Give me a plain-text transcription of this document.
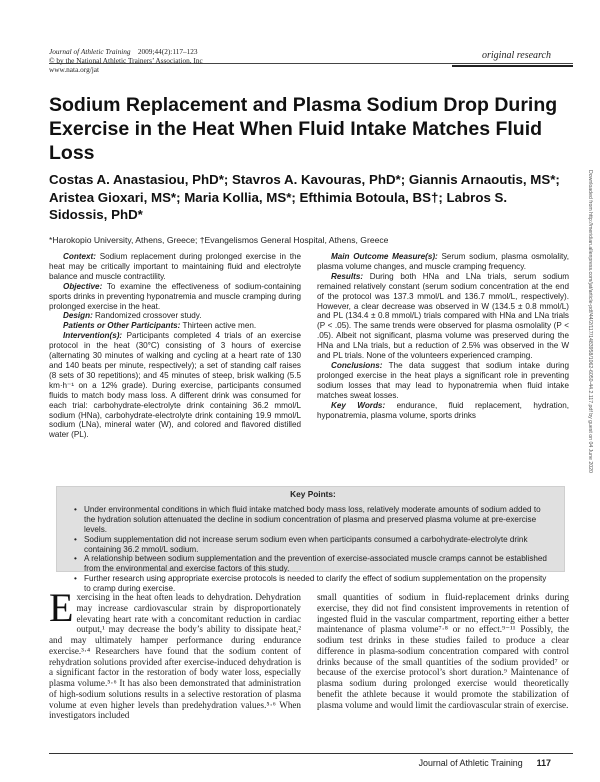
Journal of Athletic Training 2009;44(2):117–123
© by the National Athletic Trainers’ Association, Inc
www.nata.org/jat
original research
Sodium Replacement and Plasma Sodium Drop During Exercise in the Heat When Fluid Intake Matches Fluid Loss
Costas A. Anastasiou, PhD*; Stavros A. Kavouras, PhD*; Giannis Arnaoutis, MS*; Aristea Gioxari, MS*; Maria Kollia, MS*; Efthimia Botoula, BS†; Labros S. Sidossis, PhD*
*Harokopio University, Athens, Greece; †Evangelismos General Hospital, Athens, Greece

Context: Sodium replacement during prolonged exercise in the heat may be critically important to maintaining fluid and electrolyte balance and muscle contractility.

Objective: To examine the effectiveness of sodium-containing sports drinks in preventing hyponatremia and muscle cramping during prolonged exercise in the heat.

Design: Randomized crossover study.

Patients or Other Participants: Thirteen active men.

Intervention(s): Participants completed 4 trials of an exercise protocol in the heat (30°C) consisting of 3 hours of exercise (alternating 30 minutes of walking and cycling at a heart rate of 130 and 140 beats per minute, respectively); a set of standing calf raises (8 sets of 30 repetitions); and 45 minutes of steep, brisk walking (5.5 km·h⁻¹ on a 12% grade). During exercise, participants consumed fluids to match body mass loss. A different drink was consumed for each trial: carbohydrate-electrolyte drink containing 36.2 mmol/L sodium (HNa), carbohydrate-electrolyte drink containing 19.9 mmol/L sodium (LNa), mineral water (W), and colored and flavored distilled water (PL).

Main Outcome Measure(s): Serum sodium, plasma osmolality, plasma volume changes, and muscle cramping frequency.

Results: During both HNa and LNa trials, serum sodium remained relatively constant (serum sodium concentration at the end of the protocol was 137.3 mmol/L and 136.7 mmol/L, respectively). However, a clear decrease was observed in W (134.5 ± 0.8 mmol/L) and PL (134.4 ± 0.8 mmol/L) trials compared with HNa and LNa trials (P < .05). The same trends were observed for plasma osmolality (P < .05). Albeit not significant, plasma volume was preserved during the HNa and LNa trials, but a reduction of 2.5% was observed in the W and PL trials. None of the volunteers experienced cramping.

Conclusions: The data suggest that sodium intake during prolonged exercise in the heat plays a significant role in preventing sodium losses that may lead to hyponatremia when fluid intake matches sweat losses.

Key Words: endurance, fluid replacement, hydration, hyponatremia, plasma volume, sports drinks

Key Points:
• Under environmental conditions in which fluid intake matched body mass loss, relatively moderate amounts of sodium added to the hydration solution attenuated the decline in sodium concentration of plasma and preserved plasma volume at pre-exercise levels.
• Sodium supplementation did not increase serum sodium even when participants consumed a carbohydrate-electrolyte drink containing 36.2 mmol/L sodium.
• A relationship between sodium supplementation and the prevention of exercise-associated muscle cramps cannot be established from the environmental and exercise factors of this study.
• Further research using appropriate exercise protocols is needed to clarify the effect of sodium supplementation on the propensity to cramp during exercise.
Exercising in the heat often leads to dehydration. Dehydration may increase cardiovascular strain by disproportionately elevating heart rate with a concomitant reduction in cardiac output,¹ may decrease the body’s ability to dissipate heat,² and may ultimately hamper performance during endurance exercise.³·⁴ Researchers have found that the sodium content of rehydration solutions provided after exercise-induced dehydration is a significant factor in the restoration of body water loss, especially plasma volume.⁵·⁶ It has also been demonstrated that administration of high-sodium solutions results in a selective restoration of plasma volume at even higher levels than predehydration values.⁵·⁶ When investigators included
small quantities of sodium in fluid-replacement drinks during exercise, they did not find consistent improvements in retention of ingested fluid in the vascular compartment, reporting either a better maintenance of plasma volume⁷·⁸ or no effect.⁹⁻¹¹ Possibly, the sodium test drinks in these studies failed to produce a clear difference in plasma-sodium concentration compared with control drinks because of the small quantities of the sodium provided⁷ or because of the exercise protocol’s short duration.⁹ Maintenance of plasma sodium during prolonged exercise would theoretically benefit the athlete because it would promote the stabilization of plasma volume and would limit the cardiovascular strain of exercise.
Downloaded from http://meridian.allenpress.com/jat/article-pdf/44/2/117/1483958/1062-6050-44.2.117.pdf by guest on 04 June 2020
Journal of Athletic Training 117
